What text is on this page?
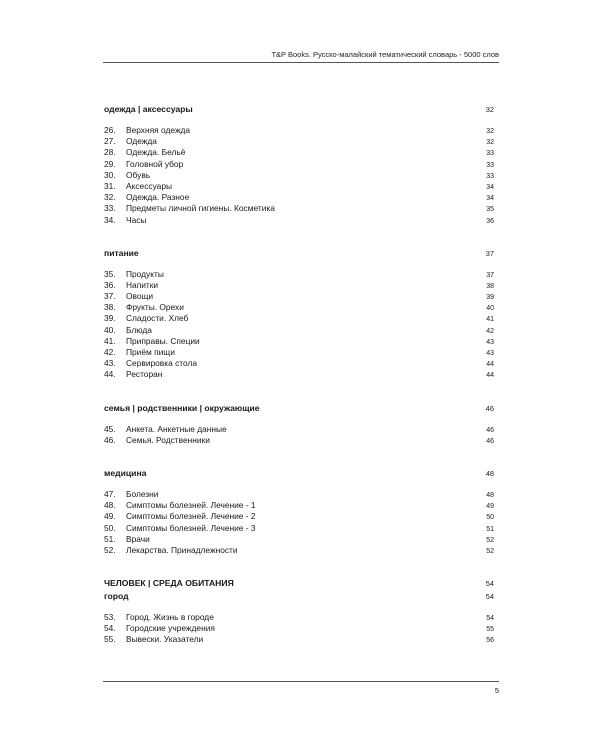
T&P Books. Русско-малайский тематический словарь - 5000 слов
одежда | аксессуары	32
26.	Верхняя одежда	32
27.	Одежда	32
28.	Одежда. Бельё	33
29.	Головной убор	33
30.	Обувь	33
31.	Аксессуары	34
32.	Одежда. Разное	34
33.	Предметы личной гигиены. Косметика	35
34.	Часы	36
питание	37
35.	Продукты	37
36.	Напитки	38
37.	Овощи	39
38.	Фрукты. Орехи	40
39.	Сладости. Хлеб	41
40.	Блюда	42
41.	Приправы. Специи	43
42.	Приём пищи	43
43.	Сервировка стола	44
44.	Ресторан	44
семья | родственники | окружающие	46
45.	Анкета. Анкетные данные	46
46.	Семья. Родственники	46
медицина	48
47.	Болезни	48
48.	Симптомы болезней. Лечение - 1	49
49.	Симптомы болезней. Лечение - 2	50
50.	Симптомы болезней. Лечение - 3	51
51.	Врачи	52
52.	Лекарства. Принадлежности	52
ЧЕЛОВЕК | СРЕДА ОБИТАНИЯ	54
город	54
53.	Город. Жизнь в городе	54
54.	Городские учреждения	55
55.	Вывески. Указатели	56
5
